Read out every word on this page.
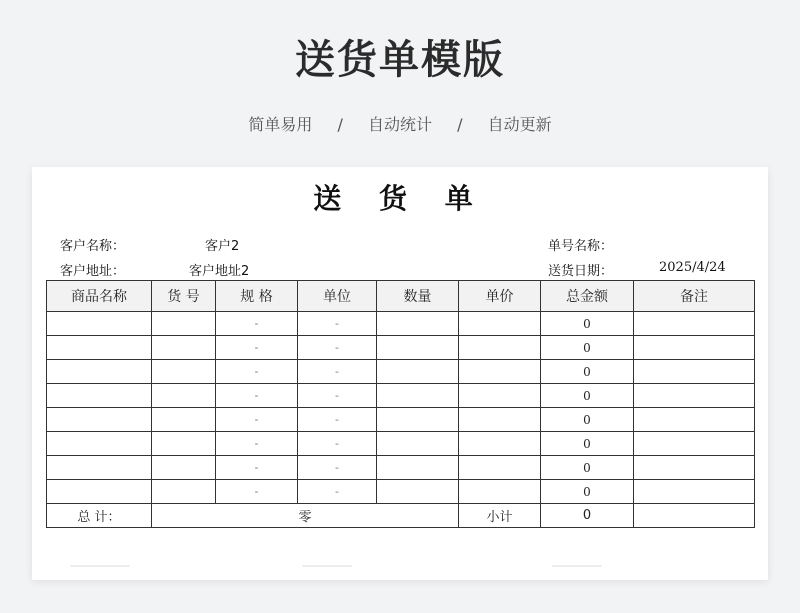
送货单模版
简单易用 / 自动统计 / 自动更新
送 货 单
客户名称：	客户2	单号名称：
客户地址：	客户地址2	送货日期：	2025/4/24
商品名称	货 号	规 格	单位	数量	单价	总金额	备注
		-	-			0	
		-	-			0	
		-	-			0	
		-	-			0	
		-	-			0	
		-	-			0	
		-	-			0	
		-	-			0	
总 计：	零				小计	0	
